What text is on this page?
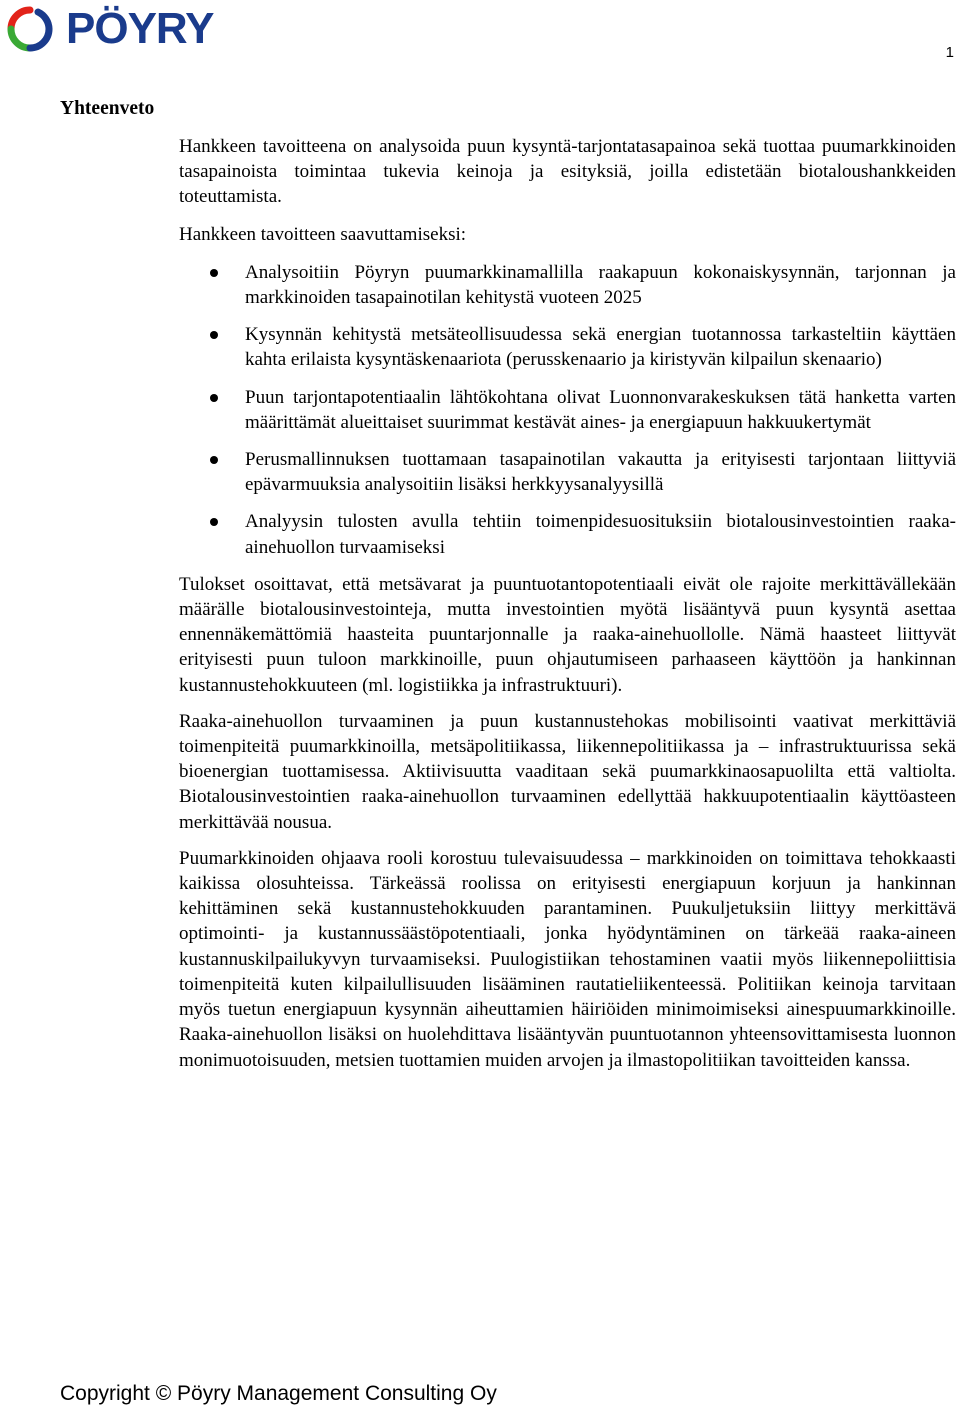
PÖYRY	1
Yhteenveto

Hankkeen tavoitteena on analysoida puun kysyntä-tarjontatasapainoa sekä tuottaa puumarkkinoiden tasapainoista toimintaa tukevia keinoja ja esityksiä, joilla edistetään biotaloushankkeiden toteuttamista.

Hankkeen tavoitteen saavuttamiseksi:

Analysoitiin Pöyryn puumarkkinamallilla raakapuun kokonaiskysynnän, tarjonnan ja markkinoiden tasapainotilan kehitystä vuoteen 2025
Kysynnän kehitystä metsäteollisuudessa sekä energian tuotannossa tarkasteltiin käyttäen kahta erilaista kysyntäskenaariota (perusskenaario ja kiristyvän kilpailun skenaario)
Puun tarjontapotentiaalin lähtökohtana olivat Luonnonvarakeskuksen tätä hanketta varten määrittämät alueittaiset suurimmat kestävät aines- ja energiapuun hakkuukertymät
Perusmallinnuksen tuottamaan tasapainotilan vakautta ja erityisesti tarjontaan liittyviä epävarmuuksia analysoitiin lisäksi herkkyysanalyysillä
Analyysin tulosten avulla tehtiin toimenpidesuosituksiin biotalousinvestointien raaka-ainehuollon turvaamiseksi

Tulokset osoittavat, että metsävarat ja puuntuotantopotentiaali eivät ole rajoite merkittävällekään määrälle biotalousinvestointeja, mutta investointien myötä lisääntyvä puun kysyntä asettaa ennennäkemättömiä haasteita puuntarjonnalle ja raaka-ainehuollolle. Nämä haasteet liittyvät erityisesti puun tuloon markkinoille, puun ohjautumiseen parhaaseen käyttöön ja hankinnan kustannustehokkuuteen (ml. logistiikka ja infrastruktuuri).

Raaka-ainehuollon turvaaminen ja puun kustannustehokas mobilisointi vaativat merkittäviä toimenpiteitä puumarkkinoilla, metsäpolitiikassa, liikennepolitiikassa ja – infrastruktuurissa sekä bioenergian tuottamisessa. Aktiivisuutta vaaditaan sekä puumarkkinaosapuolilta että valtiolta. Biotalousinvestointien raaka-ainehuollon turvaaminen edellyttää hakkuupotentiaalin käyttöasteen merkittävää nousua.

Puumarkkinoiden ohjaava rooli korostuu tulevaisuudessa – markkinoiden on toimittava tehokkaasti kaikissa olosuhteissa. Tärkeässä roolissa on erityisesti energiapuun korjuun ja hankinnan kehittäminen sekä kustannustehokkuuden parantaminen. Puukuljetuksiin liittyy merkittävä optimointi- ja kustannussäästöpotentiaali, jonka hyödyntäminen on tärkeää raaka-aineen kustannuskilpailukyvyn turvaamiseksi. Puulogistiikan tehostaminen vaatii myös liikennepoliittisia toimenpiteitä kuten kilpailullisuuden lisääminen rautatieliikenteessä. Politiikan keinoja tarvitaan myös tuetun energiapuun kysynnän aiheuttamien häiriöiden minimoimiseksi ainespuumarkkinoille. Raaka-ainehuollon lisäksi on huolehdittava lisääntyvän puuntuotannon yhteensovittamisesta luonnon monimuotoisuuden, metsien tuottamien muiden arvojen ja ilmastopolitiikan tavoitteiden kanssa.

Copyright © Pöyry Management Consulting Oy
